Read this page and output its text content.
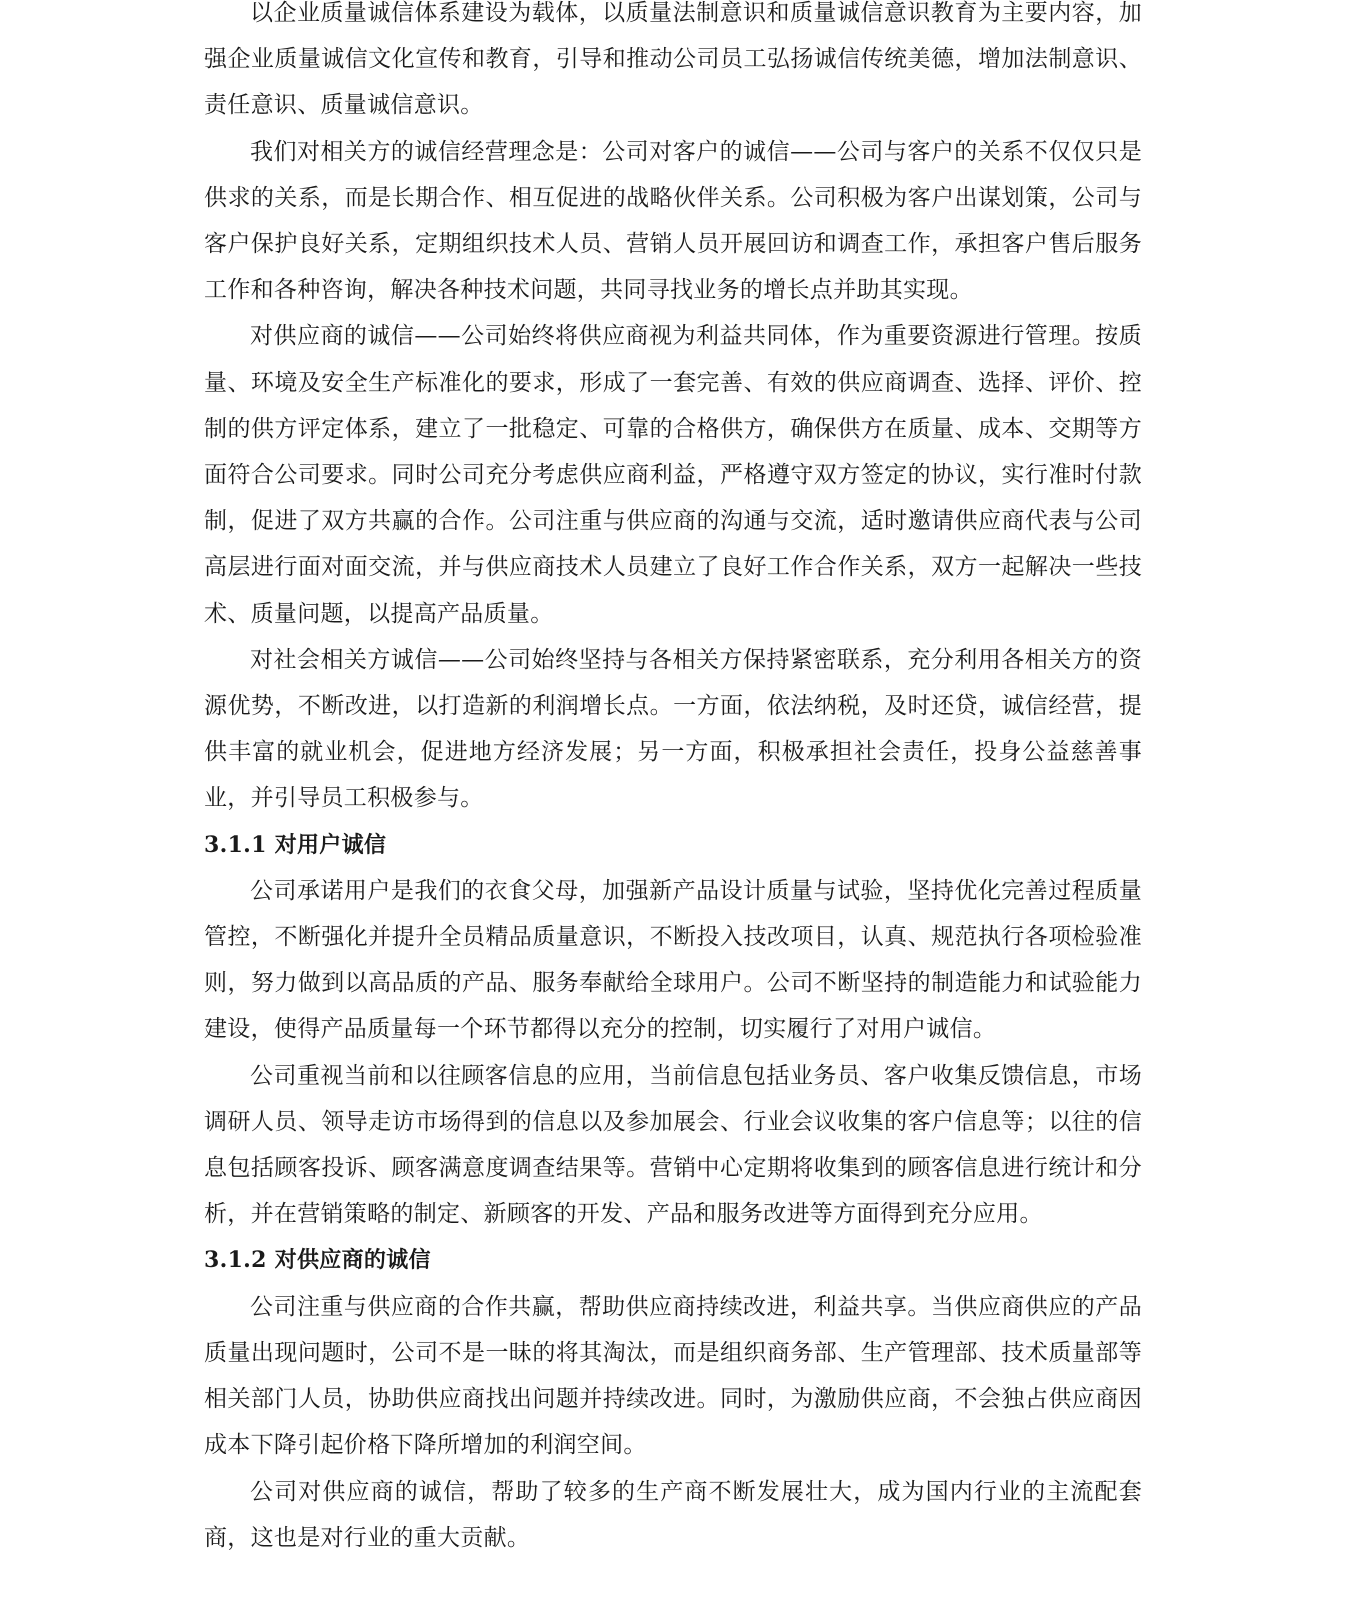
以企业质量诚信体系建设为载体，以质量法制意识和质量诚信意识教育为主要内容，加强企业质量诚信文化宣传和教育，引导和推动公司员工弘扬诚信传统美德，增加法制意识、责任意识、质量诚信意识。

我们对相关方的诚信经营理念是：公司对客户的诚信——公司与客户的关系不仅仅只是供求的关系，而是长期合作、相互促进的战略伙伴关系。公司积极为客户出谋划策，公司与客户保护良好关系，定期组织技术人员、营销人员开展回访和调查工作，承担客户售后服务工作和各种咨询，解决各种技术问题，共同寻找业务的增长点并助其实现。

对供应商的诚信——公司始终将供应商视为利益共同体，作为重要资源进行管理。按质量、环境及安全生产标准化的要求，形成了一套完善、有效的供应商调查、选择、评价、控制的供方评定体系，建立了一批稳定、可靠的合格供方，确保供方在质量、成本、交期等方面符合公司要求。同时公司充分考虑供应商利益，严格遵守双方签定的协议，实行准时付款制，促进了双方共赢的合作。公司注重与供应商的沟通与交流，适时邀请供应商代表与公司高层进行面对面交流，并与供应商技术人员建立了良好工作合作关系，双方一起解决一些技术、质量问题，以提高产品质量。

对社会相关方诚信——公司始终坚持与各相关方保持紧密联系，充分利用各相关方的资源优势，不断改进，以打造新的利润增长点。一方面，依法纳税，及时还贷，诚信经营，提供丰富的就业机会，促进地方经济发展；另一方面，积极承担社会责任，投身公益慈善事业，并引导员工积极参与。

3.1.1 对用户诚信

公司承诺用户是我们的衣食父母，加强新产品设计质量与试验，坚持优化完善过程质量管控，不断强化并提升全员精品质量意识，不断投入技改项目，认真、规范执行各项检验准则，努力做到以高品质的产品、服务奉献给全球用户。公司不断坚持的制造能力和试验能力建设，使得产品质量每一个环节都得以充分的控制，切实履行了对用户诚信。

公司重视当前和以往顾客信息的应用，当前信息包括业务员、客户收集反馈信息，市场调研人员、领导走访市场得到的信息以及参加展会、行业会议收集的客户信息等；以往的信息包括顾客投诉、顾客满意度调查结果等。营销中心定期将收集到的顾客信息进行统计和分析，并在营销策略的制定、新顾客的开发、产品和服务改进等方面得到充分应用。

3.1.2 对供应商的诚信

公司注重与供应商的合作共赢，帮助供应商持续改进，利益共享。当供应商供应的产品质量出现问题时，公司不是一昧的将其淘汰，而是组织商务部、生产管理部、技术质量部等相关部门人员，协助供应商找出问题并持续改进。同时，为激励供应商，不会独占供应商因成本下降引起价格下降所增加的利润空间。

公司对供应商的诚信，帮助了较多的生产商不断发展壮大，成为国内行业的主流配套商，这也是对行业的重大贡献。
